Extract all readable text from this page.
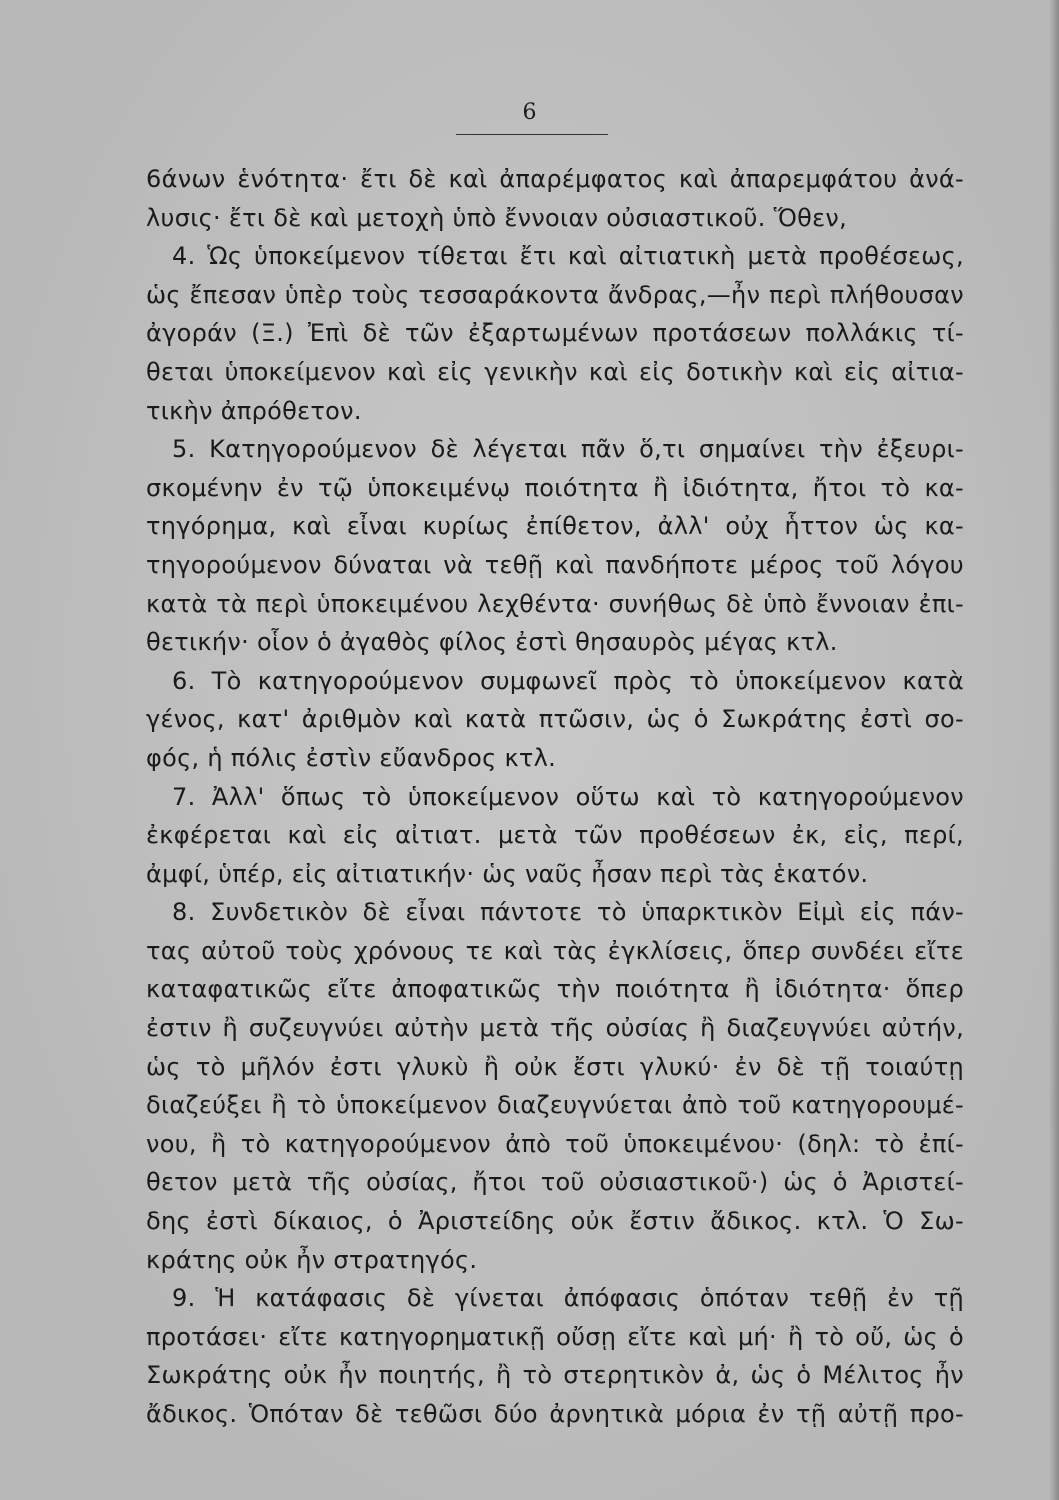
6
6άνων ἑνότητα· ἔτι δὲ καὶ ἀπαρέμφατος καὶ ἀπαρεμφάτου ἀνά-
λυσις· ἔτι δὲ καὶ μετοχὴ ὑπὸ ἔννοιαν οὐσιαστικοῦ. Ὅθεν,
4. Ὡς ὑποκείμενον τίθεται ἔτι καὶ αἰτιατικὴ μετὰ προθέσεως,
ὡς ἔπεσαν ὑπὲρ τοὺς τεσσαράκοντα ἄνδρας,—ἦν περὶ πλήθουσαν
ἀγοράν (Ξ.) Ἐπὶ δὲ τῶν ἐξαρτωμένων προτάσεων πολλάκις τί-
θεται ὑποκείμενον καὶ εἰς γενικὴν καὶ εἰς δοτικὴν καὶ εἰς αἰτια-
τικὴν ἀπρόθετον.
5. Κατηγορούμενον δὲ λέγεται πᾶν ὅ,τι σημαίνει τὴν ἐξευρι-
σκομένην ἐν τῷ ὑποκειμένῳ ποιότητα ἢ ἰδιότητα, ἤτοι τὸ κα-
τηγόρημα, καὶ εἶναι κυρίως ἐπίθετον, ἀλλ' οὐχ ἧττον ὡς κα-
τηγορούμενον δύναται νὰ τεθῇ καὶ πανδήποτε μέρος τοῦ λόγου
κατὰ τὰ περὶ ὑποκειμένου λεχθέντα· συνήθως δὲ ὑπὸ ἔννοιαν ἐπι-
θετικήν· οἷον ὁ ἀγαθὸς φίλος ἐστὶ θησαυρὸς μέγας κτλ.
6. Τὸ κατηγορούμενον συμφωνεῖ πρὸς τὸ ὑποκείμενον κατὰ
γένος, κατ' ἀριθμὸν καὶ κατὰ πτῶσιν, ὡς ὁ Σωκράτης ἐστὶ σο-
φός, ἡ πόλις ἐστὶν εὔανδρος κτλ.
7. Ἀλλ' ὅπως τὸ ὑποκείμενον οὕτω καὶ τὸ κατηγορούμενον
ἐκφέρεται καὶ εἰς αἰτιατ. μετὰ τῶν προθέσεων ἐκ, εἰς, περί,
ἀμφί, ὑπέρ, εἰς αἰτιατικήν· ὡς ναῦς ἦσαν περὶ τὰς ἑκατόν.
8. Συνδετικὸν δὲ εἶναι πάντοτε τὸ ὑπαρκτικὸν Εἰμὶ εἰς πάν-
τας αὐτοῦ τοὺς χρόνους τε καὶ τὰς ἐγκλίσεις, ὅπερ συνδέει εἴτε
καταφατικῶς εἴτε ἀποφατικῶς τὴν ποιότητα ἢ ἰδιότητα· ὅπερ
ἐστιν ἢ συζευγνύει αὐτὴν μετὰ τῆς οὐσίας ἢ διαζευγνύει αὐτήν,
ὡς τὸ μῆλόν ἐστι γλυκὺ ἢ οὐκ ἔστι γλυκύ· ἐν δὲ τῇ τοιαύτῃ
διαζεύξει ἢ τὸ ὑποκείμενον διαζευγνύεται ἀπὸ τοῦ κατηγορουμέ-
νου, ἢ τὸ κατηγορούμενον ἀπὸ τοῦ ὑποκειμένου· (δηλ: τὸ ἐπί-
θετον μετὰ τῆς οὐσίας, ἤτοι τοῦ οὐσιαστικοῦ·) ὡς ὁ Ἀριστεί-
δης ἐστὶ δίκαιος, ὁ Ἀριστείδης οὐκ ἔστιν ἄδικος. κτλ. Ὁ Σω-
κράτης οὐκ ἦν στρατηγός.
9. Ἡ κατάφασις δὲ γίνεται ἀπόφασις ὁπόταν τεθῇ ἐν τῇ
προτάσει· εἴτε κατηγορηματικῇ οὔσῃ εἴτε καὶ μή· ἢ τὸ οὔ, ὡς ὁ
Σωκράτης οὐκ ἦν ποιητής, ἢ τὸ στερητικὸν ἀ, ὡς ὁ Μέλιτος ἦν
ἄδικος. Ὁπόταν δὲ τεθῶσι δύο ἀρνητικὰ μόρια ἐν τῇ αὐτῇ προ-
